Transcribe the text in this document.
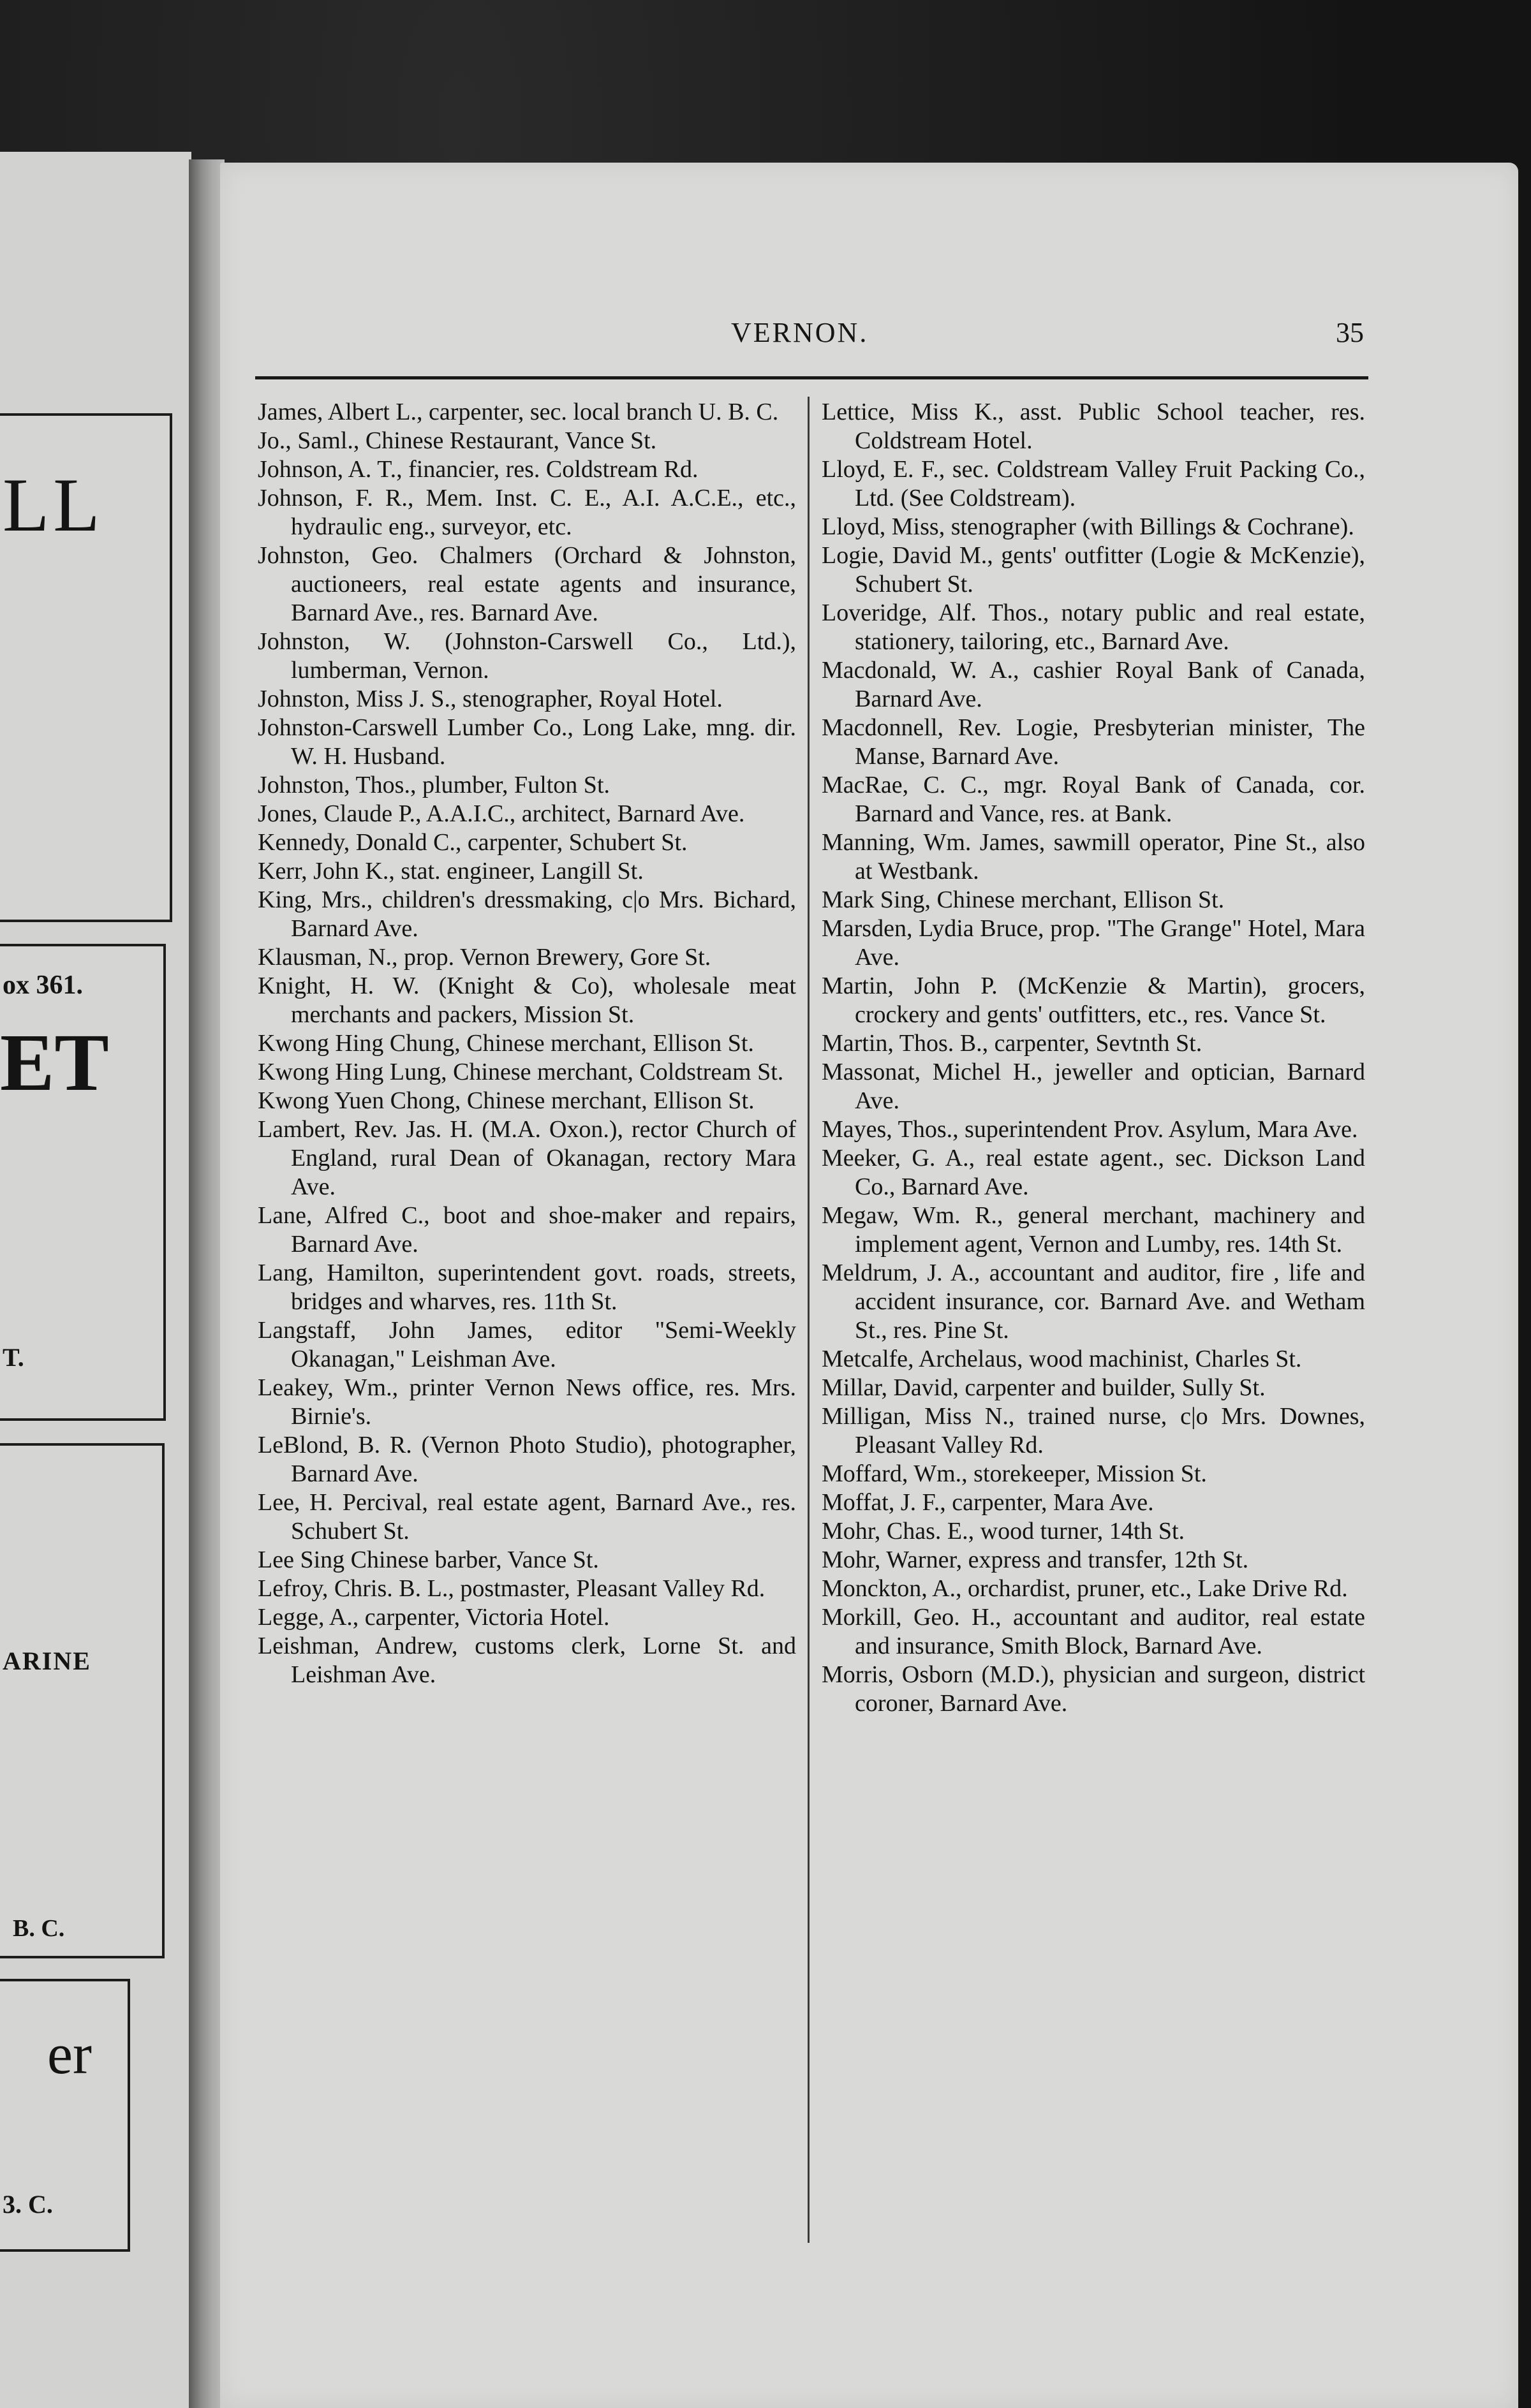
LL
ox 361.
ET
T.
ARINE
B. C.
er
3. C.
VERNON.	35

James, Albert L., carpenter, sec. local branch U. B. C.

Jo., Saml., Chinese Restaurant, Vance St.

Johnson, A. T., financier, res. Coldstream Rd.

Johnson, F. R., Mem. Inst. C. E., A.I. A.C.E., etc., hydraulic eng., surveyor, etc.

Johnston, Geo. Chalmers (Orchard & Johnston, auctioneers, real estate agents and insurance, Barnard Ave., res. Barnard Ave.

Johnston, W. (Johnston-Carswell Co., Ltd.), lumberman, Vernon.

Johnston, Miss J. S., stenographer, Royal Hotel.

Johnston-Carswell Lumber Co., Long Lake, mng. dir. W. H. Husband.

Johnston, Thos., plumber, Fulton St.

Jones, Claude P., A.A.I.C., architect, Barnard Ave.

Kennedy, Donald C., carpenter, Schubert St.

Kerr, John K., stat. engineer, Langill St.

King, Mrs., children's dressmaking, c|o Mrs. Bichard, Barnard Ave.

Klausman, N., prop. Vernon Brewery, Gore St.

Knight, H. W. (Knight & Co), wholesale meat merchants and packers, Mission St.

Kwong Hing Chung, Chinese merchant, Ellison St.

Kwong Hing Lung, Chinese merchant, Coldstream St.

Kwong Yuen Chong, Chinese merchant, Ellison St.

Lambert, Rev. Jas. H. (M.A. Oxon.), rector Church of England, rural Dean of Okanagan, rectory Mara Ave.

Lane, Alfred C., boot and shoe-maker and repairs, Barnard Ave.

Lang, Hamilton, superintendent govt. roads, streets, bridges and wharves, res. 11th St.

Langstaff, John James, editor "Semi-Weekly Okanagan," Leishman Ave.

Leakey, Wm., printer Vernon News office, res. Mrs. Birnie's.

LeBlond, B. R. (Vernon Photo Studio), photographer, Barnard Ave.

Lee, H. Percival, real estate agent, Barnard Ave., res. Schubert St.

Lee Sing Chinese barber, Vance St.

Lefroy, Chris. B. L., postmaster, Pleasant Valley Rd.

Legge, A., carpenter, Victoria Hotel.

Leishman, Andrew, customs clerk, Lorne St. and Leishman Ave.

Lettice, Miss K., asst. Public School teacher, res. Coldstream Hotel.

Lloyd, E. F., sec. Coldstream Valley Fruit Packing Co., Ltd. (See Coldstream).

Lloyd, Miss, stenographer (with Billings & Cochrane).

Logie, David M., gents' outfitter (Logie & McKenzie), Schubert St.

Loveridge, Alf. Thos., notary public and real estate, stationery, tailoring, etc., Barnard Ave.

Macdonald, W. A., cashier Royal Bank of Canada, Barnard Ave.

Macdonnell, Rev. Logie, Presbyterian minister, The Manse, Barnard Ave.

MacRae, C. C., mgr. Royal Bank of Canada, cor. Barnard and Vance, res. at Bank.

Manning, Wm. James, sawmill operator, Pine St., also at Westbank.

Mark Sing, Chinese merchant, Ellison St.

Marsden, Lydia Bruce, prop. "The Grange" Hotel, Mara Ave.

Martin, John P. (McKenzie & Martin), grocers, crockery and gents' outfitters, etc., res. Vance St.

Martin, Thos. B., carpenter, Sevtnth St.

Massonat, Michel H., jeweller and optician, Barnard Ave.

Mayes, Thos., superintendent Prov. Asylum, Mara Ave.

Meeker, G. A., real estate agent., sec. Dickson Land Co., Barnard Ave.

Megaw, Wm. R., general merchant, machinery and implement agent, Vernon and Lumby, res. 14th St.

Meldrum, J. A., accountant and auditor, fire , life and accident insurance, cor. Barnard Ave. and Wetham St., res. Pine St.

Metcalfe, Archelaus, wood machinist, Charles St.

Millar, David, carpenter and builder, Sully St.

Milligan, Miss N., trained nurse, c|o Mrs. Downes, Pleasant Valley Rd.

Moffard, Wm., storekeeper, Mission St.

Moffat, J. F., carpenter, Mara Ave.

Mohr, Chas. E., wood turner, 14th St.

Mohr, Warner, express and transfer, 12th St.

Monckton, A., orchardist, pruner, etc., Lake Drive Rd.

Morkill, Geo. H., accountant and auditor, real estate and insurance, Smith Block, Barnard Ave.

Morris, Osborn (M.D.), physician and surgeon, district coroner, Barnard Ave.
